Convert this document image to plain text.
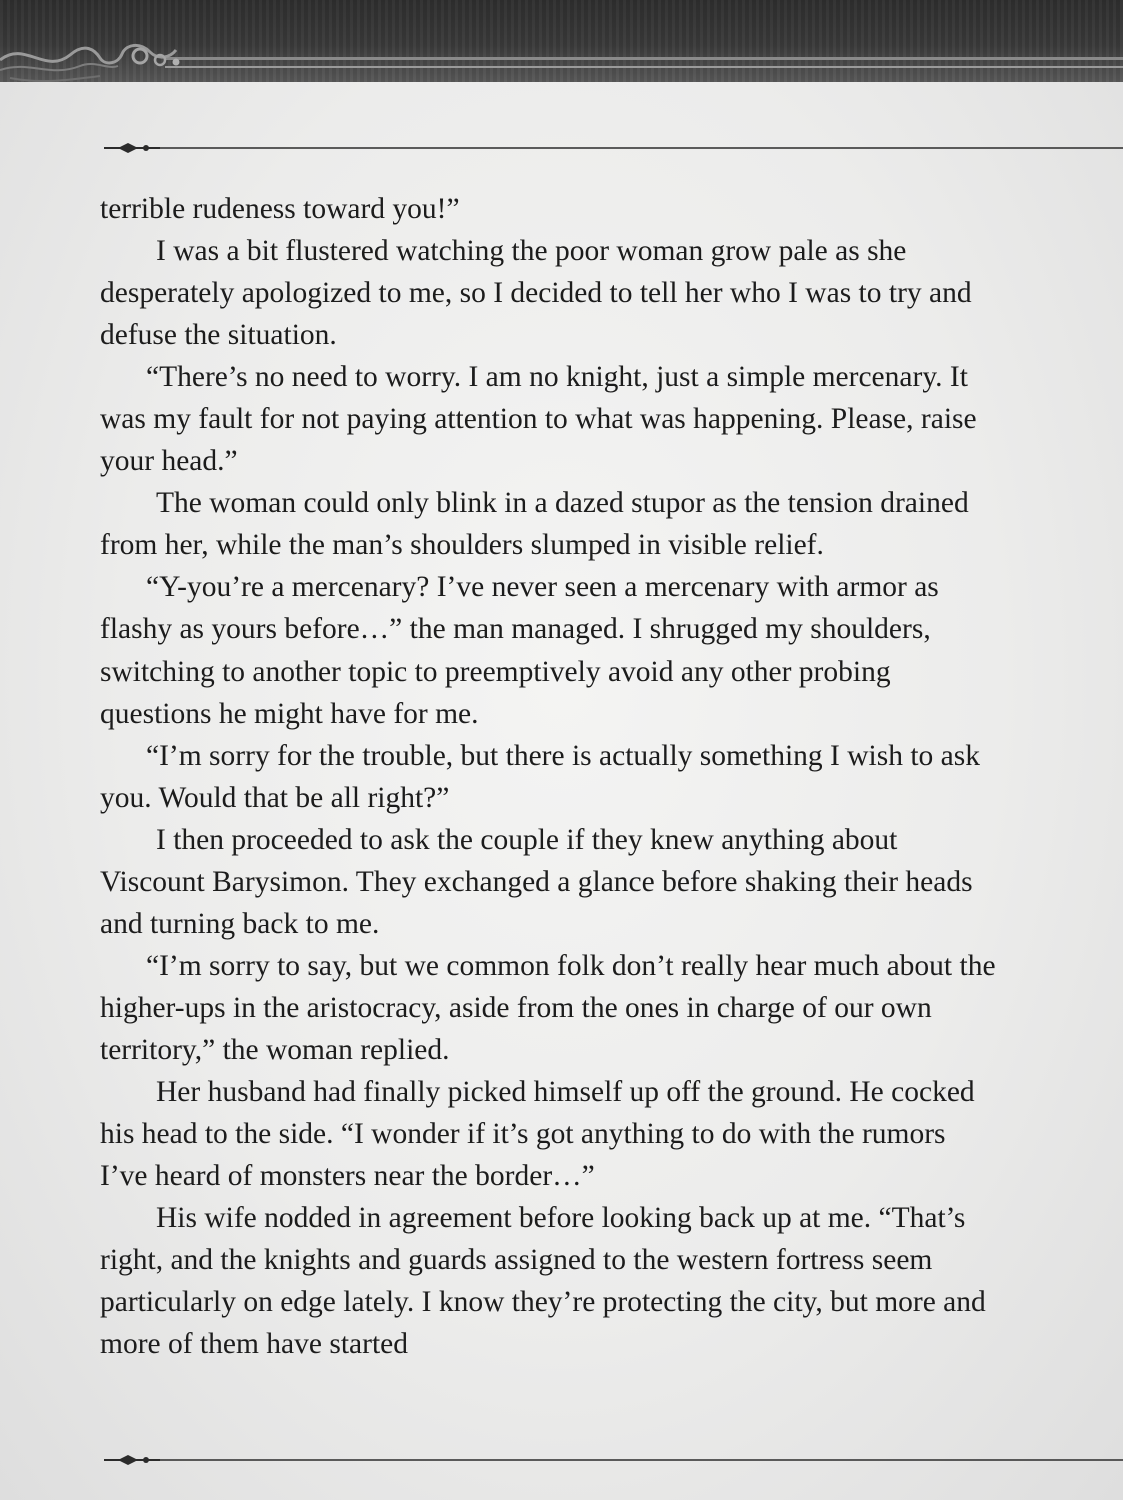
terrible rudeness toward you!”

I was a bit flustered watching the poor woman grow pale as she desperately apologized to me, so I decided to tell her who I was to try and defuse the situation.

“There’s no need to worry. I am no knight, just a simple mercenary. It was my fault for not paying attention to what was happening. Please, raise your head.”

The woman could only blink in a dazed stupor as the tension drained from her, while the man’s shoulders slumped in visible relief.

“Y-you’re a mercenary? I’ve never seen a mercenary with armor as flashy as yours before…” the man managed. I shrugged my shoulders, switching to another topic to preemptively avoid any other probing questions he might have for me.

“I’m sorry for the trouble, but there is actually something I wish to ask you. Would that be all right?”

I then proceeded to ask the couple if they knew anything about Viscount Barysimon. They exchanged a glance before shaking their heads and turning back to me.

“I’m sorry to say, but we common folk don’t really hear much about the higher-ups in the aristocracy, aside from the ones in charge of our own territory,” the woman replied.

Her husband had finally picked himself up off the ground. He cocked his head to the side. “I wonder if it’s got anything to do with the rumors I’ve heard of monsters near the border…”

His wife nodded in agreement before looking back up at me. “That’s right, and the knights and guards assigned to the western fortress seem particularly on edge lately. I know they’re protecting the city, but more and more of them have started
